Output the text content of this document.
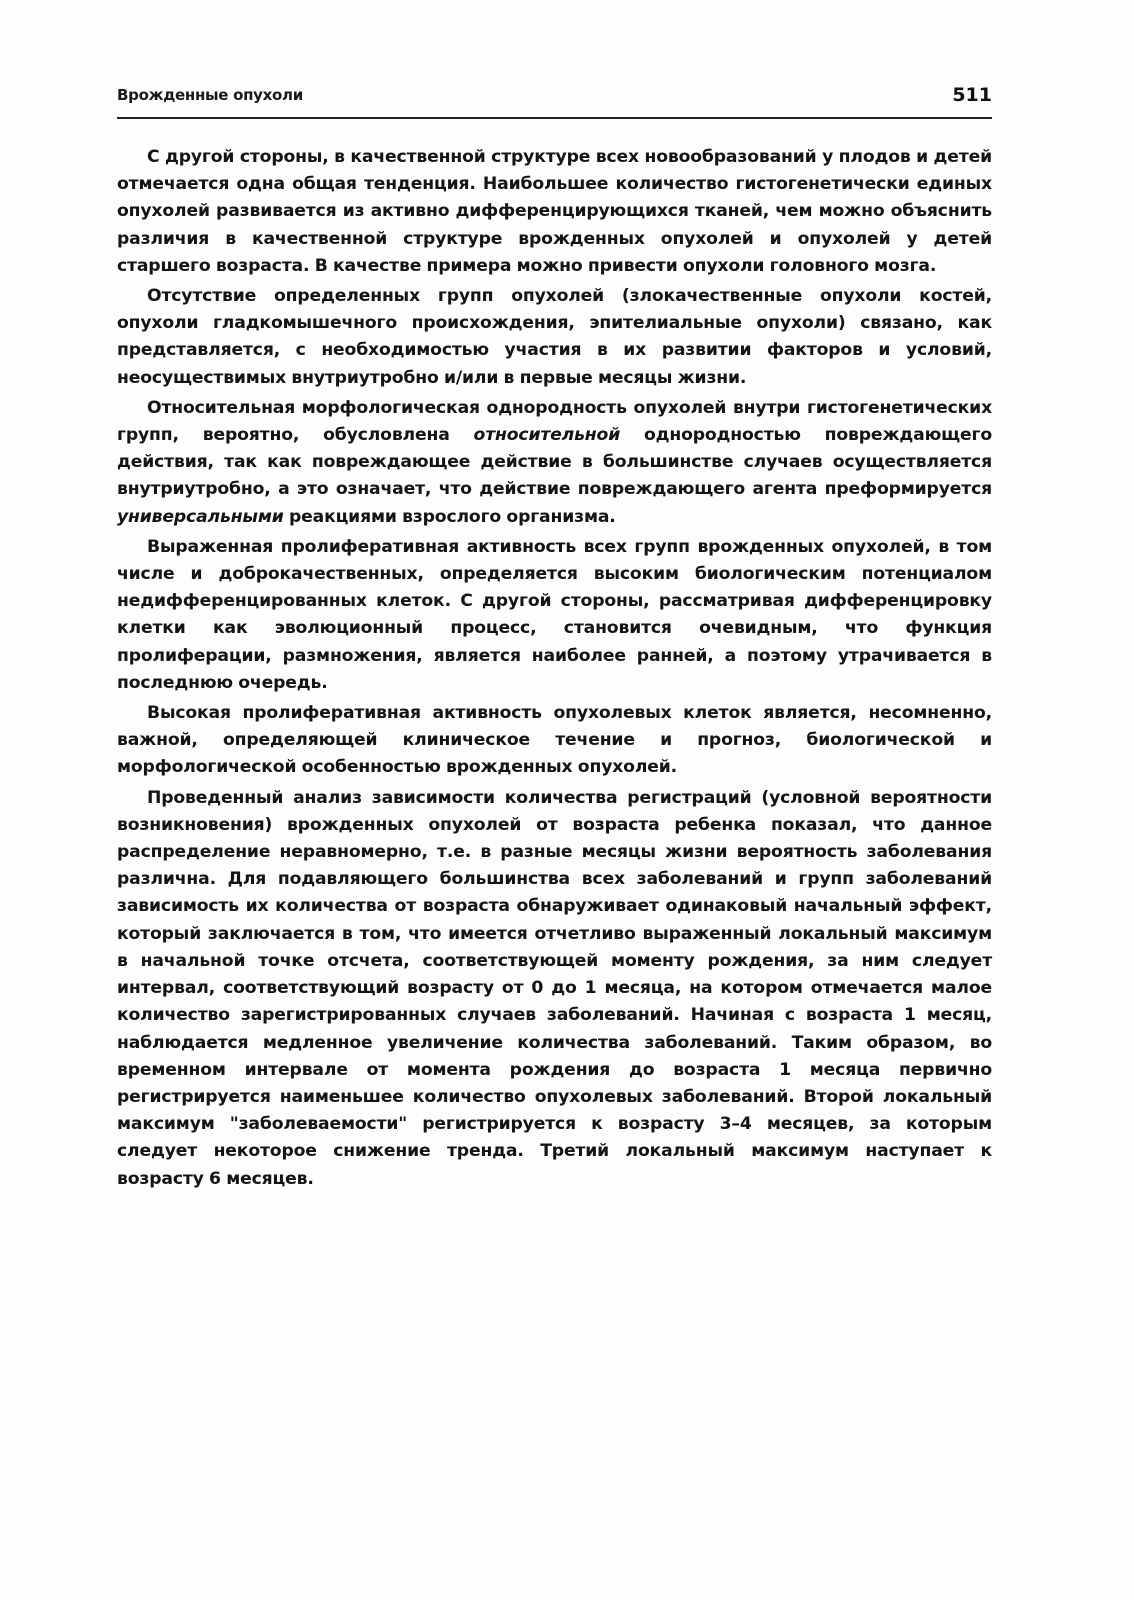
Врожденные опухоли	511

С другой стороны, в качественной структуре всех новообразований у плодов и детей отмечается одна общая тенденция. Наибольшее количество гистогенетически единых опухолей развивается из активно дифференцирующихся тканей, чем можно объяснить различия в качественной структуре врожденных опухолей и опухолей у детей старшего возраста. В качестве примера можно привести опухоли головного мозга.

Отсутствие определенных групп опухолей (злокачественные опухоли костей, опухоли гладкомышечного происхождения, эпителиальные опухоли) связано, как представляется, с необходимостью участия в их развитии факторов и условий, неосуществимых внутриутробно и/или в первые месяцы жизни.

Относительная морфологическая однородность опухолей внутри гистогенетических групп, вероятно, обусловлена относительной однородностью повреждающего действия, так как повреждающее действие в большинстве случаев осуществляется внутриутробно, а это означает, что действие повреждающего агента преформируется универсальными реакциями взрослого организма.

Выраженная пролиферативная активность всех групп врожденных опухолей, в том числе и доброкачественных, определяется высоким биологическим потенциалом недифференцированных клеток. С другой стороны, рассматривая дифференцировку клетки как эволюционный процесс, становится очевидным, что функция пролиферации, размножения, является наиболее ранней, а поэтому утрачивается в последнюю очередь.

Высокая пролиферативная активность опухолевых клеток является, несомненно, важной, определяющей клиническое течение и прогноз, биологической и морфологической особенностью врожденных опухолей.

Проведенный анализ зависимости количества регистраций (условной вероятности возникновения) врожденных опухолей от возраста ребенка показал, что данное распределение неравномерно, т.е. в разные месяцы жизни вероятность заболевания различна. Для подавляющего большинства всех заболеваний и групп заболеваний зависимость их количества от возраста обнаруживает одинаковый начальный эффект, который заключается в том, что имеется отчетливо выраженный локальный максимум в начальной точке отсчета, соответствующей моменту рождения, за ним следует интервал, соответствующий возрасту от 0 до 1 месяца, на котором отмечается малое количество зарегистрированных случаев заболеваний. Начиная с возраста 1 месяц, наблюдается медленное увеличение количества заболеваний. Таким образом, во временном интервале от момента рождения до возраста 1 месяца первично регистрируется наименьшее количество опухолевых заболеваний. Второй локальный максимум "заболеваемости" регистрируется к возрасту 3–4 месяцев, за которым следует некоторое снижение тренда. Третий локальный максимум наступает к возрасту 6 месяцев.
